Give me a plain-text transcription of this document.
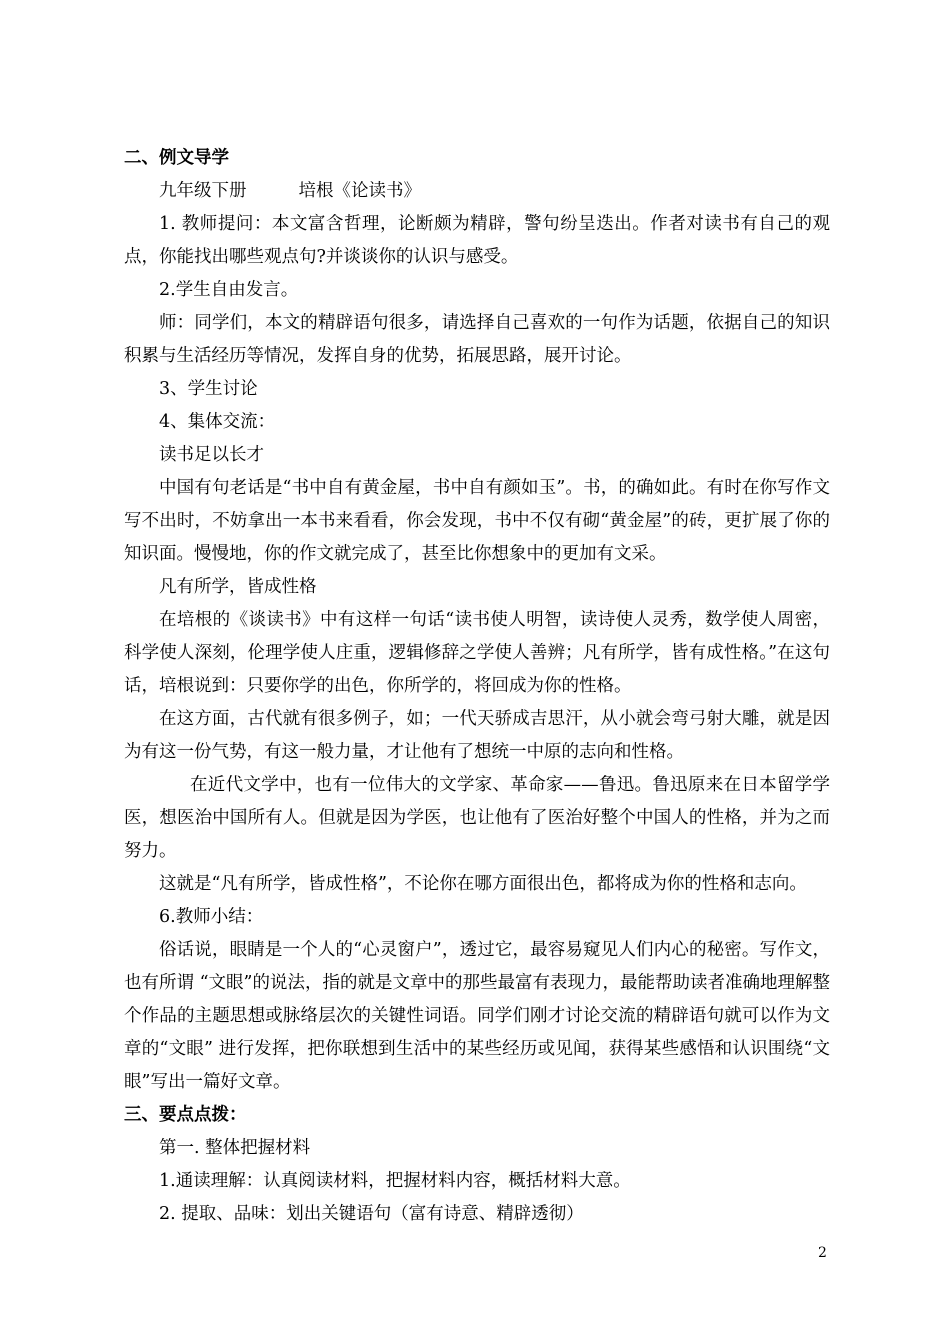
二、例文导学

九年级下册	培根《论读书》

1. 教师提问：本文富含哲理，论断颇为精辟，警句纷呈迭出。作者对读书有自己的观点，你能找出哪些观点句?并谈谈你的认识与感受。

2.学生自由发言。

师：同学们，本文的精辟语句很多，请选择自己喜欢的一句作为话题，依据自己的知识积累与生活经历等情况，发挥自身的优势，拓展思路，展开讨论。

3、学生讨论

4、集体交流：

读书足以长才

中国有句老话是“书中自有黄金屋，书中自有颜如玉”。书，的确如此。有时在你写作文写不出时，不妨拿出一本书来看看，你会发现，书中不仅有砌“黄金屋”的砖，更扩展了你的知识面。慢慢地，你的作文就完成了，甚至比你想象中的更加有文采。

凡有所学，皆成性格

在培根的《谈读书》中有这样一句话“读书使人明智，读诗使人灵秀，数学使人周密，科学使人深刻，伦理学使人庄重，逻辑修辞之学使人善辨；凡有所学，皆有成性格。”在这句话，培根说到：只要你学的出色，你所学的，将回成为你的性格。

在这方面，古代就有很多例子，如；一代天骄成吉思汗，从小就会弯弓射大雕，就是因为有这一份气势，有这一般力量，才让他有了想统一中原的志向和性格。

在近代文学中，也有一位伟大的文学家、革命家——鲁迅。鲁迅原来在日本留学学医，想医治中国所有人。但就是因为学医，也让他有了医治好整个中国人的性格，并为之而努力。

这就是“凡有所学，皆成性格”，不论你在哪方面很出色，都将成为你的性格和志向。

6.教师小结：

俗话说，眼睛是一个人的“心灵窗户”，透过它，最容易窥见人们内心的秘密。写作文，也有所谓 “文眼”的说法，指的就是文章中的那些最富有表现力，最能帮助读者准确地理解整个作品的主题思想或脉络层次的关键性词语。同学们刚才讨论交流的精辟语句就可以作为文章的“文眼” 进行发挥，把你联想到生活中的某些经历或见闻，获得某些感悟和认识围绕“文眼”写出一篇好文章。

三、要点点拨：

第一. 整体把握材料

1.通读理解：认真阅读材料，把握材料内容，概括材料大意。

2. 提取、品味：划出关键语句（富有诗意、精辟透彻）

2
